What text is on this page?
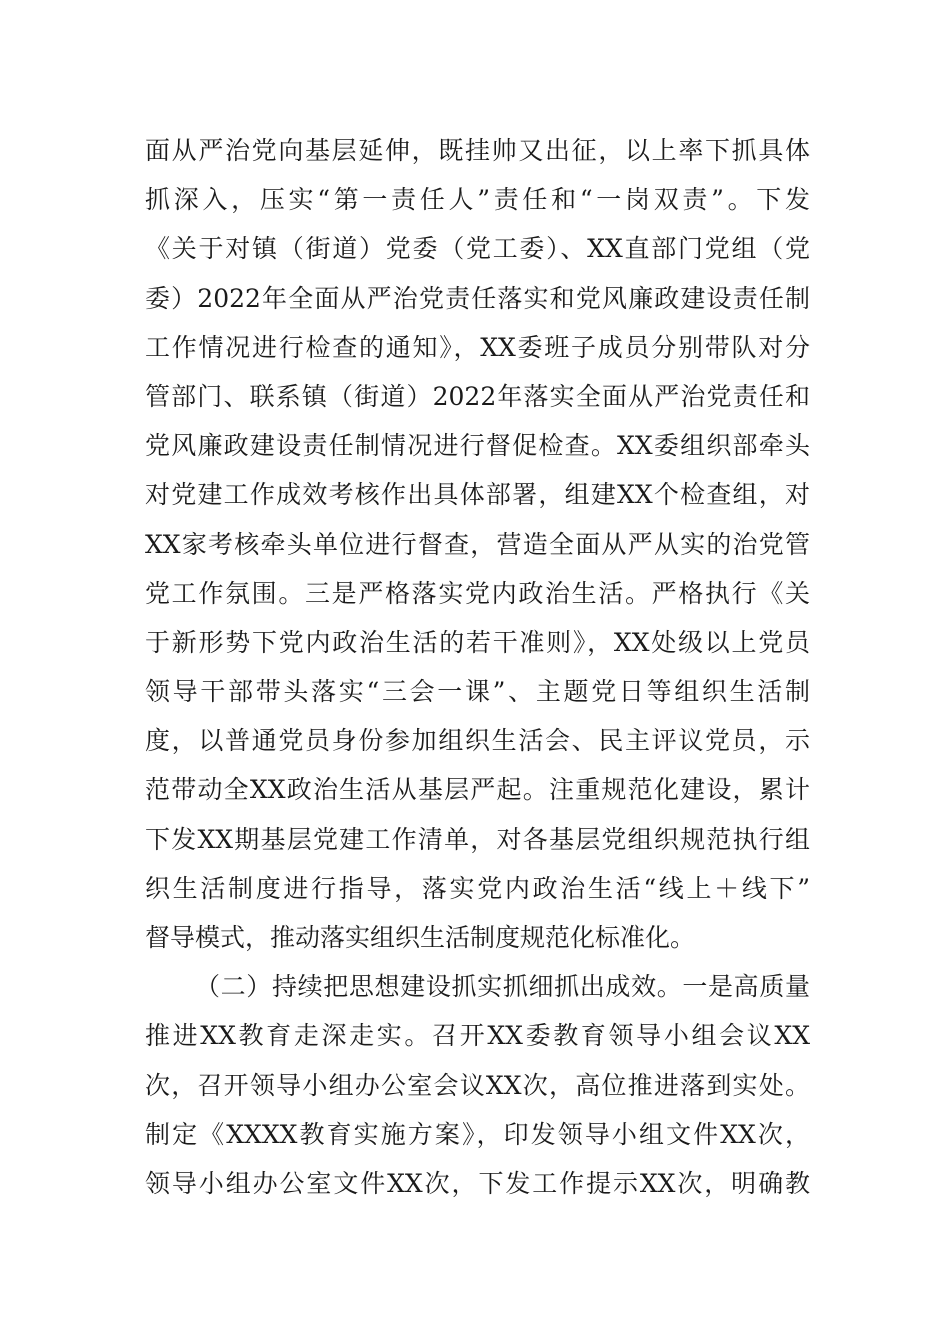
面从严治党向基层延伸，既挂帅又出征，以上率下抓具体
抓深入，压实“第一责任人”责任和“一岗双责”。下发
《关于对镇（街道）党委（党工委）、XX直部门党组（党
委）2022年全面从严治党责任落实和党风廉政建设责任制
工作情况进行检查的通知》，XX委班子成员分别带队对分
管部门、联系镇（街道）2022年落实全面从严治党责任和
党风廉政建设责任制情况进行督促检查。XX委组织部牵头
对党建工作成效考核作出具体部署，组建XX个检查组，对
XX家考核牵头单位进行督查，营造全面从严从实的治党管
党工作氛围。三是严格落实党内政治生活。严格执行《关
于新形势下党内政治生活的若干准则》，XX处级以上党员
领导干部带头落实“三会一课”、主题党日等组织生活制
度，以普通党员身份参加组织生活会、民主评议党员，示
范带动全XX政治生活从基层严起。注重规范化建设，累计
下发XX期基层党建工作清单，对各基层党组织规范执行组
织生活制度进行指导，落实党内政治生活“线上＋线下”
督导模式，推动落实组织生活制度规范化标准化。
（二）持续把思想建设抓实抓细抓出成效。一是高质量
推进XX教育走深走实。召开XX委教育领导小组会议XX
次，召开领导小组办公室会议XX次，高位推进落到实处。
制定《XXXX教育实施方案》，印发领导小组文件XX次，
领导小组办公室文件XX次，下发工作提示XX次，明确教
